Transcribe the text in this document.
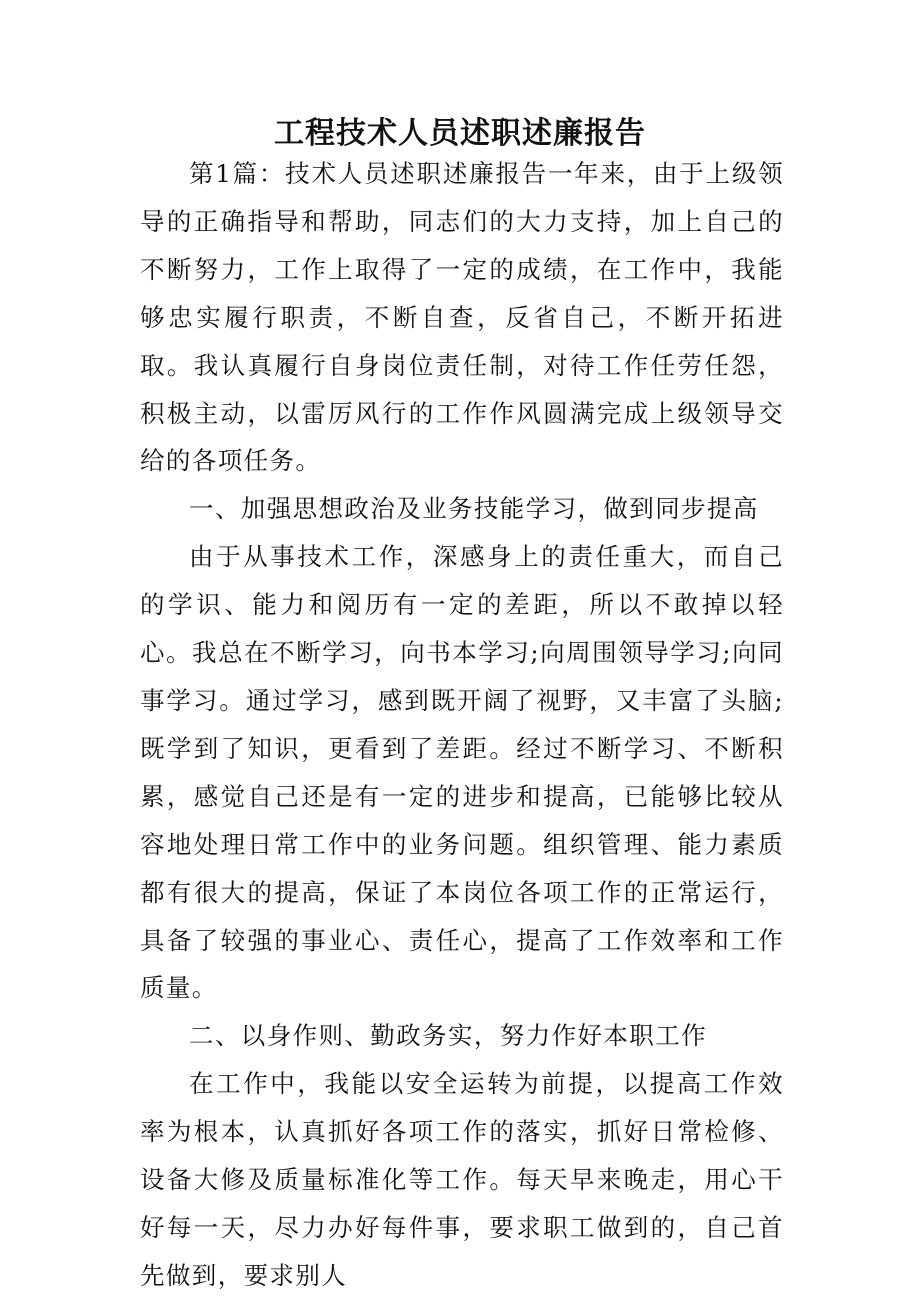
工程技术人员述职述廉报告

第1篇：技术人员述职述廉报告一年来，由于上级领导的正确指导和帮助，同志们的大力支持，加上自己的不断努力，工作上取得了一定的成绩，在工作中，我能够忠实履行职责，不断自查，反省自己，不断开拓进取。我认真履行自身岗位责任制，对待工作任劳任怨，积极主动，以雷厉风行的工作作风圆满完成上级领导交给的各项任务。

一、加强思想政治及业务技能学习，做到同步提高

由于从事技术工作，深感身上的责任重大，而自己的学识、能力和阅历有一定的差距，所以不敢掉以轻心。我总在不断学习，向书本学习;向周围领导学习;向同事学习。通过学习，感到既开阔了视野，又丰富了头脑;既学到了知识，更看到了差距。经过不断学习、不断积累，感觉自己还是有一定的进步和提高，已能够比较从容地处理日常工作中的业务问题。组织管理、能力素质都有很大的提高，保证了本岗位各项工作的正常运行，具备了较强的事业心、责任心，提高了工作效率和工作质量。

二、以身作则、勤政务实，努力作好本职工作

在工作中，我能以安全运转为前提，以提高工作效率为根本，认真抓好各项工作的落实，抓好日常检修、设备大修及质量标准化等工作。每天早来晚走，用心干好每一天，尽力办好每件事，要求职工做到的，自己首先做到，要求别人
